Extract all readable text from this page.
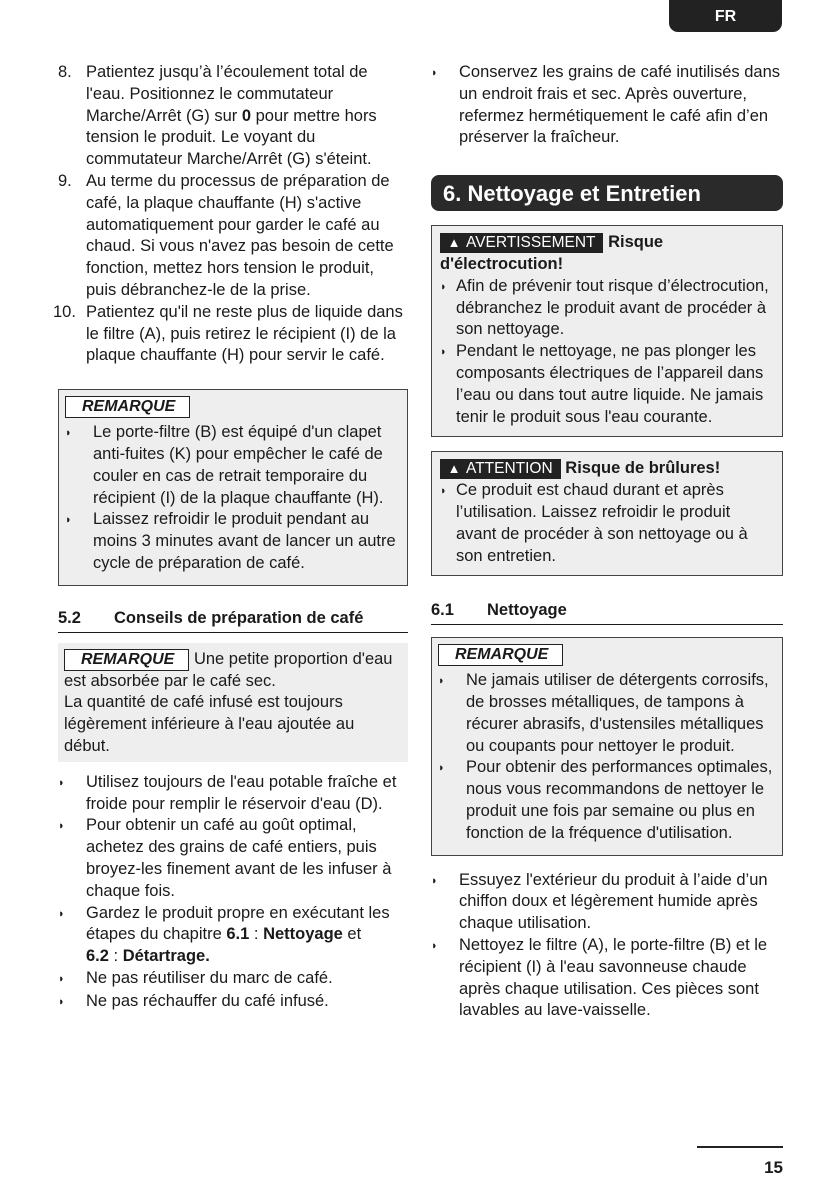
FR
8. Patientez jusqu’à l’écoulement total de l'eau. Positionnez le commutateur Marche/Arrêt (G) sur 0 pour mettre hors tension le produit. Le voyant du commutateur Marche/Arrêt (G) s'éteint.
9. Au terme du processus de préparation de café, la plaque chauffante (H) s'active automatiquement pour garder le café au chaud. Si vous n'avez pas besoin de cette fonction, mettez hors tension le produit, puis débranchez-le de la prise.
10. Patientez qu'il ne reste plus de liquide dans le filtre (A), puis retirez le récipient (I) de la plaque chauffante (H) pour servir le café.
REMARQUE
◗	Le porte-filtre (B) est équipé d'un clapet anti-fuites (K) pour empêcher le café de couler en cas de retrait temporaire du récipient (I) de la plaque chauffante (H).
◗	Laissez refroidir le produit pendant au moins 3 minutes avant de lancer un autre cycle de préparation de café.
5.2	Conseils de préparation de café

REMARQUE Une petite proportion d'eau est absorbée par le café sec.

La quantité de café infusé est toujours légèrement inférieure à l'eau ajoutée au début.

◗	Utilisez toujours de l'eau potable fraîche et froide pour remplir le réservoir d'eau (D).
◗	Pour obtenir un café au goût optimal, achetez des grains de café entiers, puis broyez-les finement avant de les infuser à chaque fois.
◗	Gardez le produit propre en exécutant les étapes du chapitre 6.1 : Nettoyage et
6.2 : Détartrage.
◗	Ne pas réutiliser du marc de café.
◗	Ne pas réchauffer du café infusé.
◗	Conservez les grains de café inutilisés dans un endroit frais et sec. Après ouverture, refermez hermétiquement le café afin d’en préserver la fraîcheur.
6. Nettoyage et Entretien

▲ AVERTISSEMENT Risque

d'électrocution!

◗ Afin de prévenir tout risque d’électrocution, débranchez le produit avant de procéder à son nettoyage.
◗ Pendant le nettoyage, ne pas plonger les composants électriques de l’appareil dans l’eau ou dans tout autre liquide. Ne jamais tenir le produit sous l'eau courante.

▲ ATTENTION Risque de brûlures!

◗ Ce produit est chaud durant et après l’utilisation. Laissez refroidir le produit avant de procéder à son nettoyage ou à son entretien.
6.1	Nettoyage
REMARQUE
◗	Ne jamais utiliser de détergents corrosifs, de brosses métalliques, de tampons à récurer abrasifs, d'ustensiles métalliques ou coupants pour nettoyer le produit.
◗	Pour obtenir des performances optimales, nous vous recommandons de nettoyer le produit une fois par semaine ou plus en fonction de la fréquence d'utilisation.
◗	Essuyez l'extérieur du produit à l’aide d’un chiffon doux et légèrement humide après chaque utilisation.
◗	Nettoyez le filtre (A), le porte-filtre (B) et le récipient (I) à l'eau savonneuse chaude après chaque utilisation. Ces pièces sont lavables au lave-vaisselle.
15
